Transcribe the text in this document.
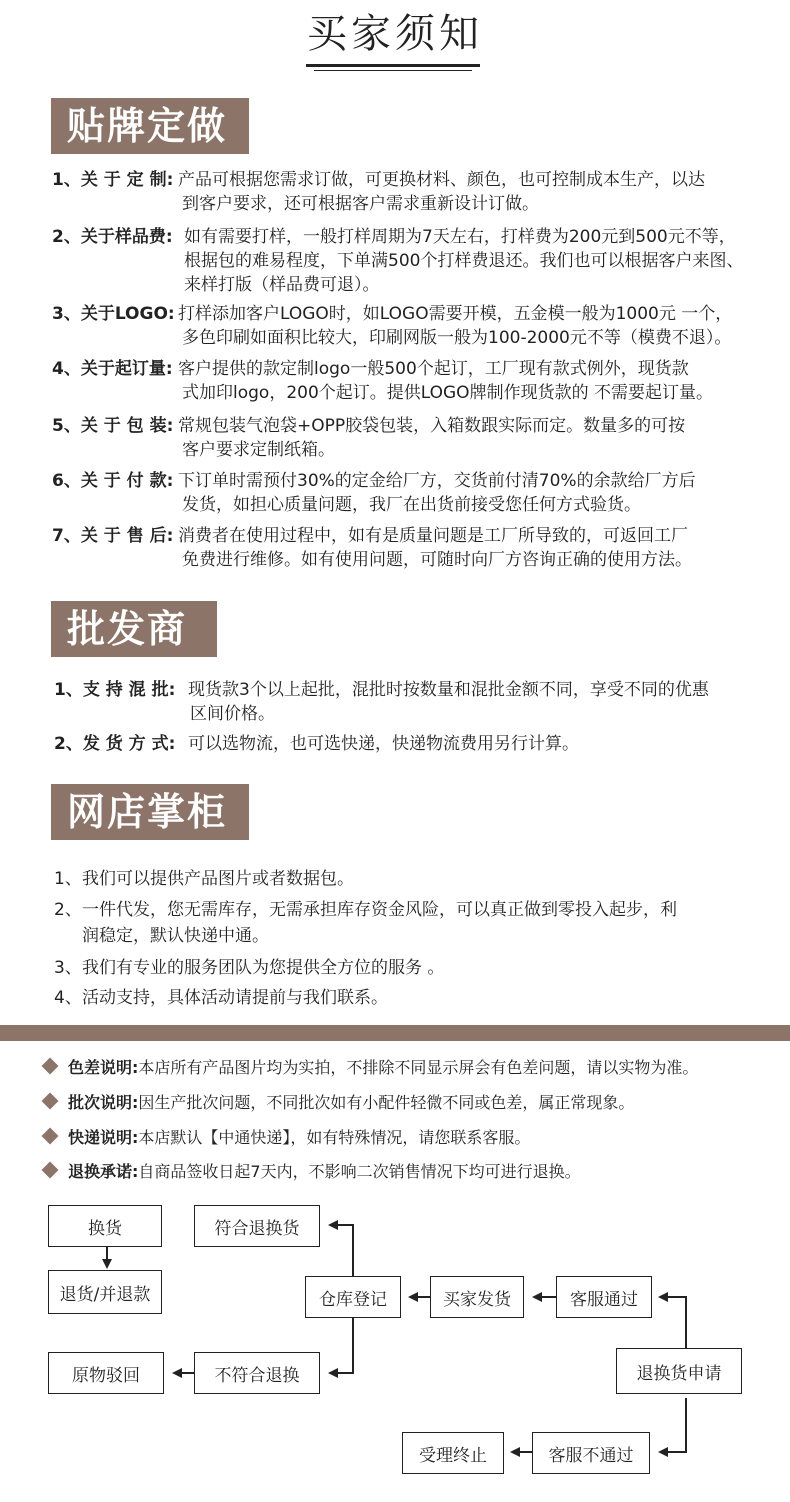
买家须知
贴牌定做
1、关 于 定 制: 产品可根据您需求订做，可更换材料、颜色，也可控制成本生产，以达
到客户要求，还可根据客户需求重新设计订做。
2、关于样品费: 如有需要打样，一般打样周期为7天左右，打样费为200元到500元不等，
根据包的难易程度，下单满500个打样费退还。我们也可以根据客户来图、
来样打版（样品费可退）。
3、关于LOGO: 打样添加客户LOGO时，如LOGO需要开模，五金模一般为1000元 一个，
多色印刷如面积比较大，印刷网版一般为100-2000元不等（模费不退）。
4、关于起订量: 客户提供的款定制logo一般500个起订，工厂现有款式例外，现货款
式加印logo，200个起订。提供LOGO牌制作现货款的 不需要起订量。
5、关 于 包 装: 常规包装气泡袋+OPP胶袋包装，入箱数跟实际而定。数量多的可按
客户要求定制纸箱。
6、关 于 付 款: 下订单时需预付30%的定金给厂方，交货前付清70%的余款给厂方后
发货，如担心质量问题，我厂在出货前接受您任何方式验货。
7、关 于 售 后: 消费者在使用过程中，如有是质量问题是工厂所导致的，可返回工厂
免费进行维修。如有使用问题，可随时向厂方咨询正确的使用方法。
批发商
1、支 持 混 批: 现货款3个以上起批，混批时按数量和混批金额不同，享受不同的优惠
区间价格。
2、发 货 方 式: 可以选物流，也可选快递，快递物流费用另行计算。
网店掌柜
1、 我们可以提供产品图片或者数据包。
2、 一件代发，您无需库存，无需承担库存资金风险，可以真正做到零投入起步，利
润稳定，默认快递中通。
3、 我们有专业的服务团队为您提供全方位的服务 。
4、 活动支持，具体活动请提前与我们联系。
色差说明:本店所有产品图片均为实拍，不排除不同显示屏会有色差问题，请以实物为准。
批次说明:因生产批次问题，不同批次如有小配件轻微不同或色差，属正常现象。
快递说明:本店默认【中通快递】，如有特殊情况，请您联系客服。
退换承诺:自商品签收日起7天内，不影响二次销售情况下均可进行退换。
换货
退货/并退款
符合退换货
仓库登记	买家发货	客服通过
原物驳回	不符合退换	退换货申请
受理终止	客服不通过
